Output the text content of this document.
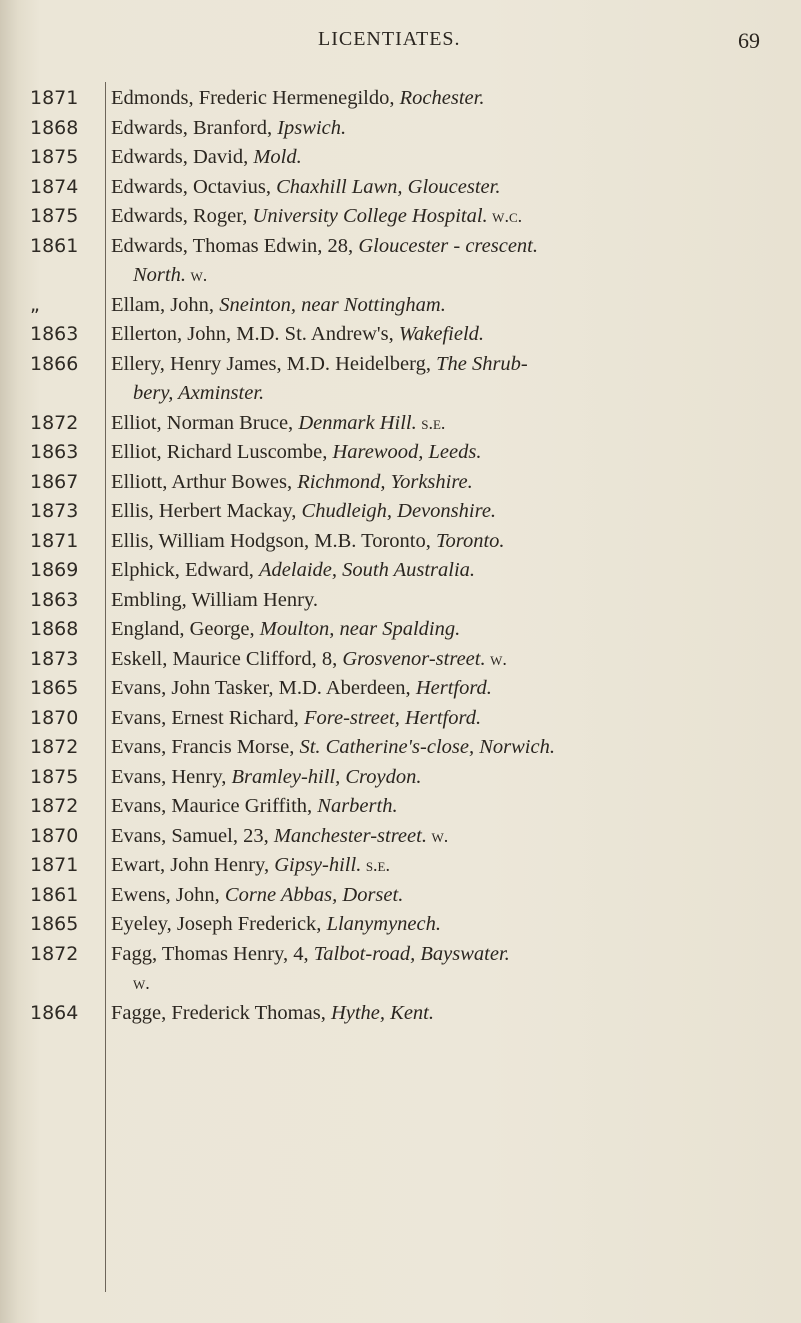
LICENTIATES.	69
1871	Edmonds, Frederic Hermenegildo, Rochester.
1868	Edwards, Branford, Ipswich.
1875	Edwards, David, Mold.
1874	Edwards, Octavius, Chaxhill Lawn, Gloucester.
1875	Edwards, Roger, University College Hospital. w.c.
1861	Edwards, Thomas Edwin, 28, Gloucester - crescent.
North. w.
„	Ellam, John, Sneinton, near Nottingham.
1863	Ellerton, John, M.D. St. Andrew's, Wakefield.
1866	Ellery, Henry James, M.D. Heidelberg, The Shrub-
bery, Axminster.
1872	Elliot, Norman Bruce, Denmark Hill. s.e.
1863	Elliot, Richard Luscombe, Harewood, Leeds.
1867	Elliott, Arthur Bowes, Richmond, Yorkshire.
1873	Ellis, Herbert Mackay, Chudleigh, Devonshire.
1871	Ellis, William Hodgson, M.B. Toronto, Toronto.
1869	Elphick, Edward, Adelaide, South Australia.
1863	Embling, William Henry.
1868	England, George, Moulton, near Spalding.
1873	Eskell, Maurice Clifford, 8, Grosvenor-street. w.
1865	Evans, John Tasker, M.D. Aberdeen, Hertford.
1870	Evans, Ernest Richard, Fore-street, Hertford.
1872	Evans, Francis Morse, St. Catherine's-close, Norwich.
1875	Evans, Henry, Bramley-hill, Croydon.
1872	Evans, Maurice Griffith, Narberth.
1870	Evans, Samuel, 23, Manchester-street. w.
1871	Ewart, John Henry, Gipsy-hill. s.e.
1861	Ewens, John, Corne Abbas, Dorset.
1865	Eyeley, Joseph Frederick, Llanymynech.
1872	Fagg, Thomas Henry, 4, Talbot-road, Bayswater.
w.
1864	Fagge, Frederick Thomas, Hythe, Kent.
